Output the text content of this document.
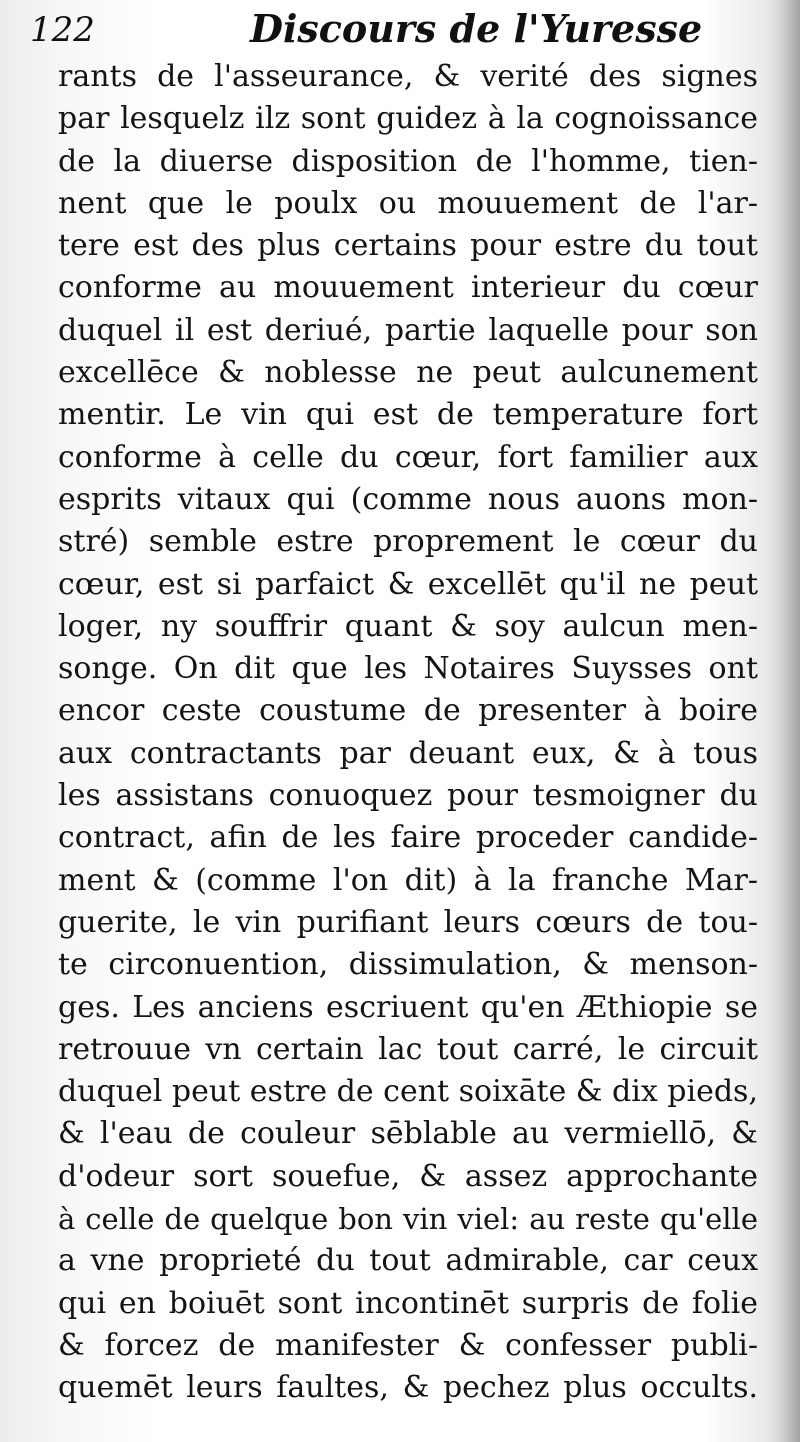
122	Discours de l'Yuresse
rants de l'asseurance, & verité des signes
par lesquelz ilz sont guidez à la cognoissance
de la diuerse disposition de l'homme, tien-
nent que le poulx ou mouuement de l'ar-
tere est des plus certains pour estre du tout
conforme au mouuement interieur du cœur
duquel il est deriué, partie laquelle pour son
excellēce & noblesse ne peut aulcunement
mentir. Le vin qui est de temperature fort
conforme à celle du cœur, fort familier aux
esprits vitaux qui (comme nous auons mon-
stré) semble estre proprement le cœur du
cœur, est si parfaict & excellēt qu'il ne peut
loger, ny souffrir quant & soy aulcun men-
songe. On dit que les Notaires Suysses ont
encor ceste coustume de presenter à boire
aux contractants par deuant eux, & à tous
les assistans conuoquez pour tesmoigner du
contract, afin de les faire proceder candide-
ment & (comme l'on dit) à la franche Mar-
guerite, le vin purifiant leurs cœurs de tou-
te circonuention, dissimulation, & menson-
ges. Les anciens escriuent qu'en Æthiopie se
retrouue vn certain lac tout carré, le circuit
duquel peut estre de cent soixāte & dix pieds,
& l'eau de couleur sēblable au vermiellō, &
d'odeur sort souefue, & assez approchante
à celle de quelque bon vin viel: au reste qu'elle
a vne proprieté du tout admirable, car ceux
qui en boiuēt sont incontinēt surpris de folie
& forcez de manifester & confesser publi-
quemēt leurs faultes, & pechez plus occults.
